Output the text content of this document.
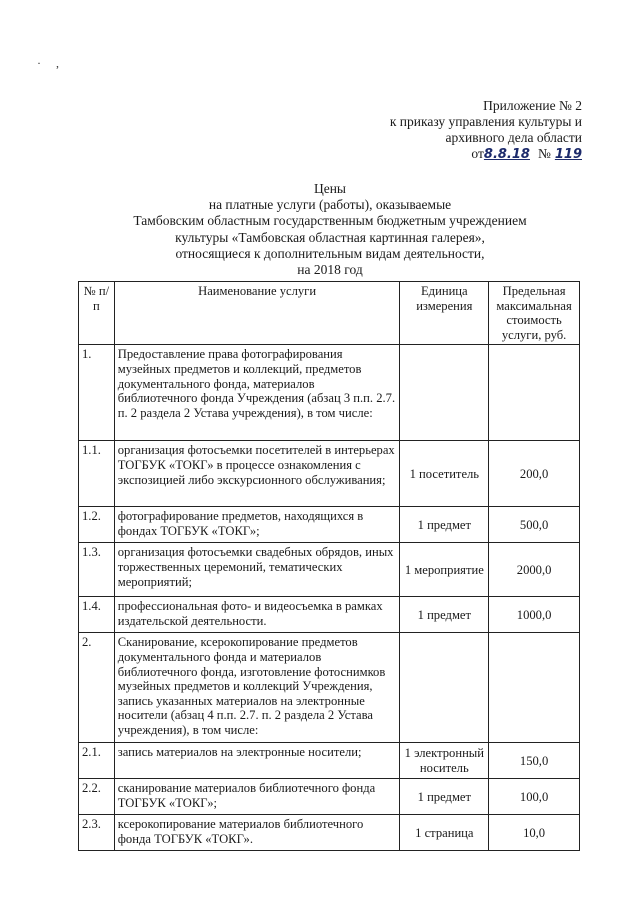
· ,
Приложение № 2
к приказу управления культуры и
архивного дела области
от 8.8.18 № 119
Цены
на платные услуги (работы), оказываемые
Тамбовским областным государственным бюджетным учреждением
культуры «Тамбовская областная картинная галерея»,
относящиеся к дополнительным видам деятельности,
на 2018 год
№ п/п	Наименование услуги	Единица измерения	Предельная максимальная стоимость услуги, руб.
1.	Предоставление права фотографирования музейных предметов и коллекций, предметов документального фонда, материалов библиотечного фонда Учреждения (абзац 3 п.п. 2.7. п. 2 раздела 2 Устава учреждения), в том числе:		
1.1.	организация фотосъемки посетителей в интерьерах ТОГБУК «ТОКГ» в процессе ознакомления с экспозицией либо экскурсионного обслуживания;	1 посетитель	200,0
1.2.	фотографирование предметов, находящихся в фондах ТОГБУК «ТОКГ»;	1 предмет	500,0
1.3.	организация фотосъемки свадебных обрядов, иных торжественных церемоний, тематических мероприятий;	1 мероприятие	2000,0
1.4.	профессиональная фото- и видеосъемка в рамках издательской деятельности.	1 предмет	1000,0
2.	Сканирование, ксерокопирование предметов документального фонда и материалов библиотечного фонда, изготовление фотоснимков музейных предметов и коллекций Учреждения, запись указанных материалов на электронные носители (абзац 4 п.п. 2.7. п. 2 раздела 2 Устава учреждения), в том числе:		
2.1.	запись материалов на электронные носители;	1 электронный носитель	150,0
2.2.	сканирование материалов библиотечного фонда ТОГБУК «ТОКГ»;	1 предмет	100,0
2.3.	ксерокопирование материалов библиотечного фонда ТОГБУК «ТОКГ».	1 страница	10,0
